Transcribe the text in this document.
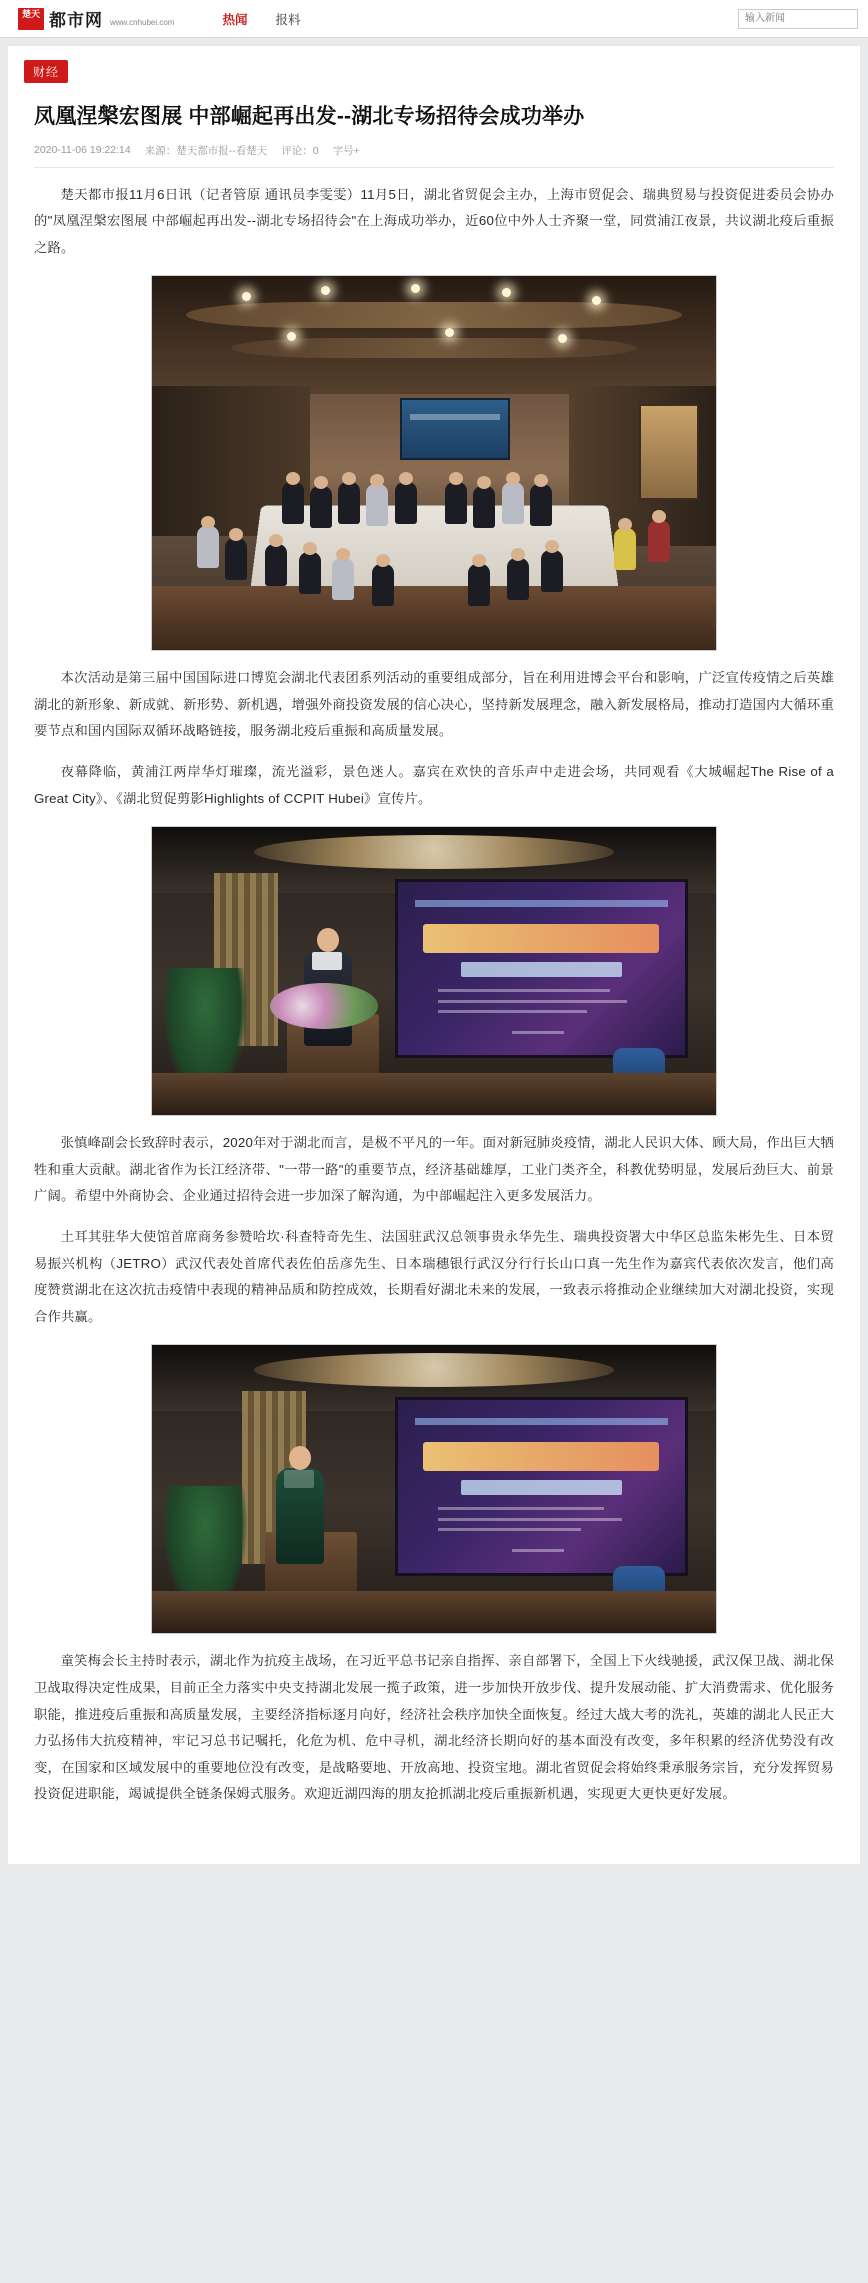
楚天 都市网 www.cnhubei.com	热闻 报料
输入新闻
财经
凤凰涅槃宏图展 中部崛起再出发--湖北专场招待会成功举办
2020-11-06 19:22:14 来源：楚天都市报--看楚天 评论：0 字号+

楚天都市报11月6日讯（记者管原 通讯员李雯雯）11月5日，湖北省贸促会主办，上海市贸促会、瑞典贸易与投资促进委员会协办的"凤凰涅槃宏图展 中部崛起再出发--湖北专场招待会"在上海成功举办，近60位中外人士齐聚一堂，同赏浦江夜景，共议湖北疫后重振之路。

本次活动是第三届中国国际进口博览会湖北代表团系列活动的重要组成部分，旨在利用进博会平台和影响，广泛宣传疫情之后英雄湖北的新形象、新成就、新形势、新机遇，增强外商投资发展的信心决心，坚持新发展理念，融入新发展格局，推动打造国内大循环重要节点和国内国际双循环战略链接，服务湖北疫后重振和高质量发展。

夜幕降临，黄浦江两岸华灯璀璨，流光溢彩，景色迷人。嘉宾在欢快的音乐声中走进会场，共同观看《大城崛起The Rise of a Great City》、《湖北贸促剪影Highlights of CCPIT Hubei》宣传片。

张慎峰副会长致辞时表示，2020年对于湖北而言，是极不平凡的一年。面对新冠肺炎疫情，湖北人民识大体、顾大局，作出巨大牺牲和重大贡献。湖北省作为长江经济带、"一带一路"的重要节点，经济基础雄厚，工业门类齐全，科教优势明显，发展后劲巨大、前景广阔。希望中外商协会、企业通过招待会进一步加深了解沟通，为中部崛起注入更多发展活力。

土耳其驻华大使馆首席商务参赞哈坎·科查特奇先生、法国驻武汉总领事贵永华先生、瑞典投资署大中华区总监朱彬先生、日本贸易振兴机构（JETRO）武汉代表处首席代表佐伯岳彦先生、日本瑞穗银行武汉分行行长山口真一先生作为嘉宾代表依次发言，他们高度赞赏湖北在这次抗击疫情中表现的精神品质和防控成效，长期看好湖北未来的发展，一致表示将推动企业继续加大对湖北投资，实现合作共赢。

童笑梅会长主持时表示，湖北作为抗疫主战场，在习近平总书记亲自指挥、亲自部署下，全国上下火线驰援，武汉保卫战、湖北保卫战取得决定性成果，目前正全力落实中央支持湖北发展一揽子政策，进一步加快开放步伐、提升发展动能、扩大消费需求、优化服务职能，推进疫后重振和高质量发展，主要经济指标逐月向好，经济社会秩序加快全面恢复。经过大战大考的洗礼，英雄的湖北人民正大力弘扬伟大抗疫精神，牢记习总书记嘱托，化危为机、危中寻机，湖北经济长期向好的基本面没有改变，多年积累的经济优势没有改变，在国家和区域发展中的重要地位没有改变，是战略要地、开放高地、投资宝地。湖北省贸促会将始终秉承服务宗旨，充分发挥贸易投资促进职能，竭诚提供全链条保姆式服务。欢迎近湖四海的朋友抢抓湖北疫后重振新机遇，实现更大更快更好发展。
